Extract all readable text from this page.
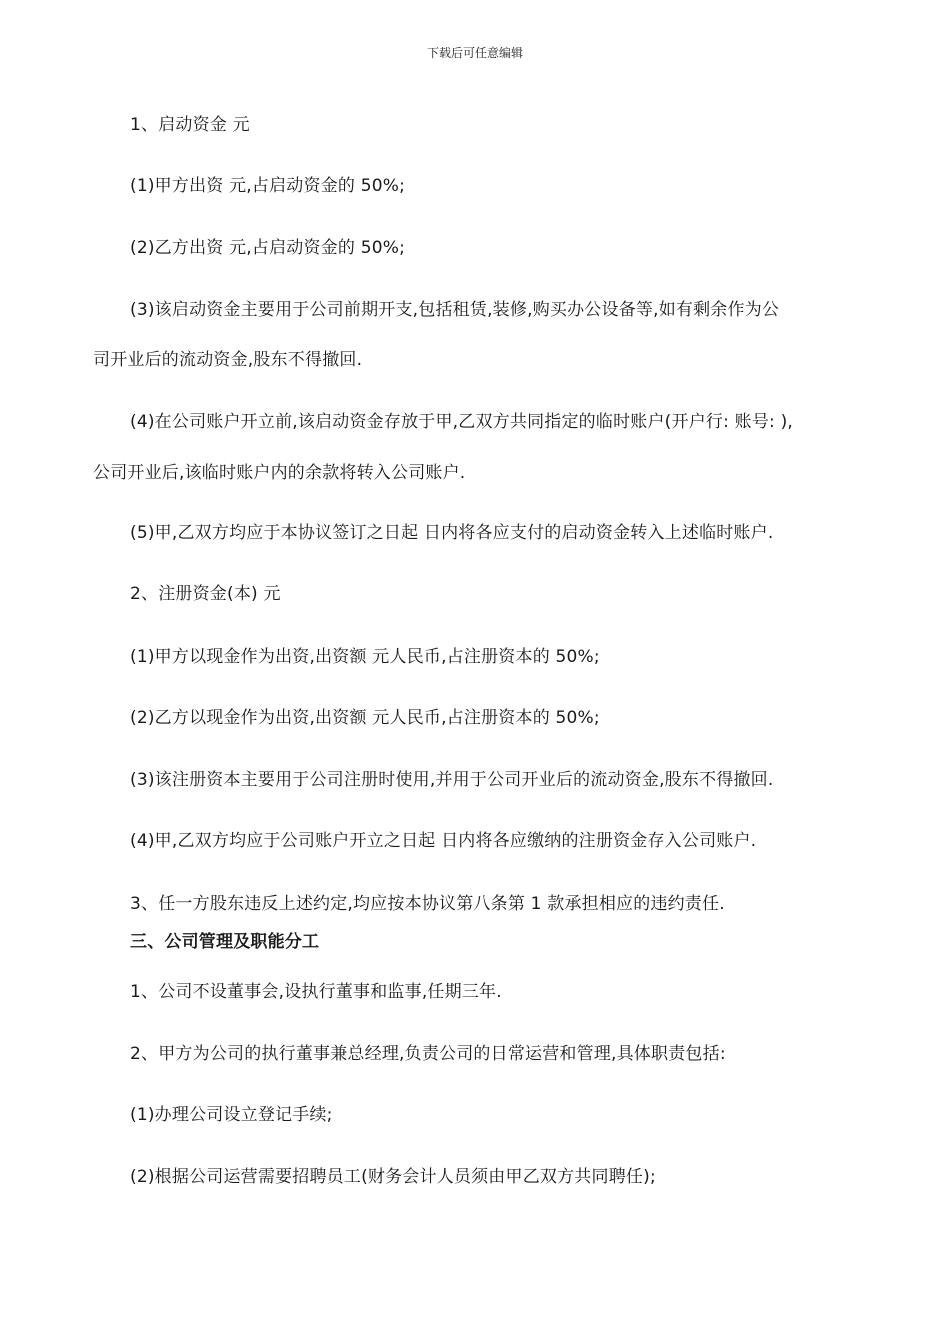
下载后可任意编辑
1、启动资金 元
(1)甲方出资 元,占启动资金的 50%;
(2)乙方出资 元,占启动资金的 50%;
(3)该启动资金主要用于公司前期开支,包括租赁,装修,购买办公设备等,如有剩余作为公
司开业后的流动资金,股东不得撤回.
(4)在公司账户开立前,该启动资金存放于甲,乙双方共同指定的临时账户(开户行: 账号: ),
公司开业后,该临时账户内的余款将转入公司账户.
(5)甲,乙双方均应于本协议签订之日起 日内将各应支付的启动资金转入上述临时账户.
2、注册资金(本) 元
(1)甲方以现金作为出资,出资额 元人民币,占注册资本的 50%;
(2)乙方以现金作为出资,出资额 元人民币,占注册资本的 50%;
(3)该注册资本主要用于公司注册时使用,并用于公司开业后的流动资金,股东不得撤回.
(4)甲,乙双方均应于公司账户开立之日起 日内将各应缴纳的注册资金存入公司账户.
3、任一方股东违反上述约定,均应按本协议第八条第 1 款承担相应的违约责任.
三、公司管理及职能分工
1、公司不设董事会,设执行董事和监事,任期三年.
2、甲方为公司的执行董事兼总经理,负责公司的日常运营和管理,具体职责包括:
(1)办理公司设立登记手续;
(2)根据公司运营需要招聘员工(财务会计人员须由甲乙双方共同聘任);
